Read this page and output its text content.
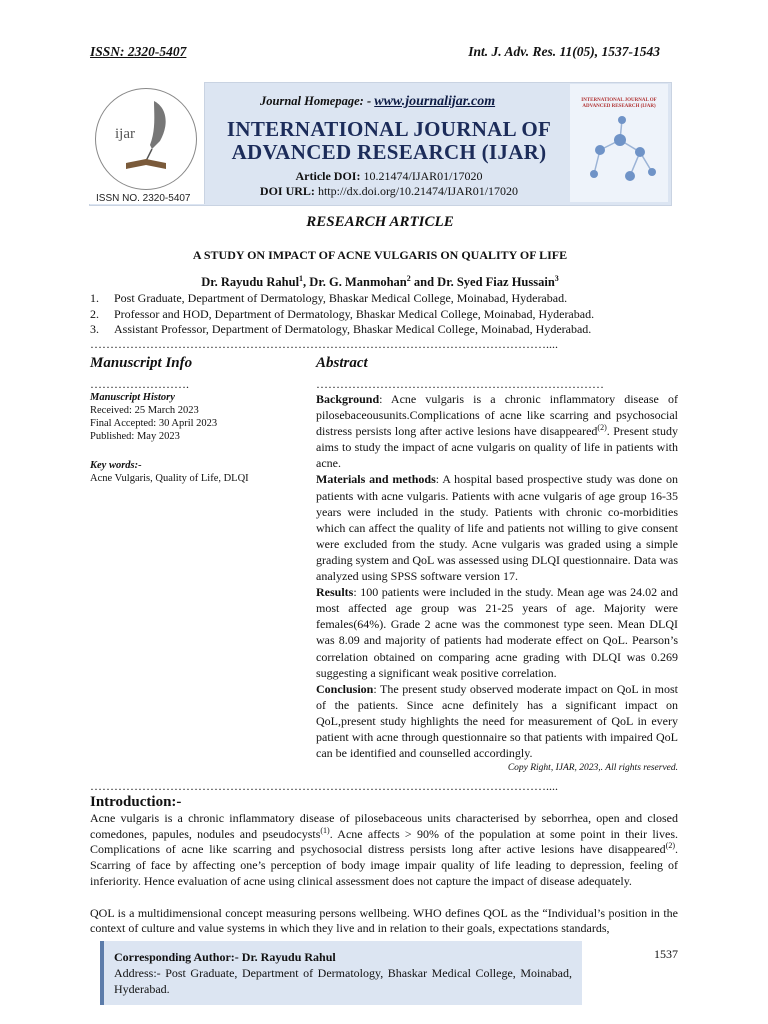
ISSN: 2320-5407	Int. J. Adv. Res. 11(05), 1537-1543
ijar
ISSN NO. 2320-5407
Journal Homepage: - www.journalijar.com
INTERNATIONAL JOURNAL OF
ADVANCED RESEARCH (IJAR)
Article DOI: 10.21474/IJAR01/17020
DOI URL: http://dx.doi.org/10.21474/IJAR01/17020
INTERNATIONAL JOURNAL OF
ADVANCED RESEARCH (IJAR)
RESEARCH ARTICLE
A STUDY ON IMPACT OF ACNE VULGARIS ON QUALITY OF LIFE
Dr. Rayudu Rahul$^1$, Dr. G. Manmohan$^2$ and Dr. Syed Fiaz Hussain$^3$
1.	Post Graduate, Department of Dermatology, Bhaskar Medical College, Moinabad, Hyderabad.
2.	Professor and HOD, Department of Dermatology, Bhaskar Medical College, Moinabad, Hyderabad.
3.	Assistant Professor, Department of Dermatology, Bhaskar Medical College, Moinabad, Hyderabad.
……………………………………………………………………………………………………....
Manuscript Info	Abstract
…………………….	………………………………………………………………
Manuscript History
Received: 25 March 2023
Final Accepted: 30 April 2023
Published: May 2023
Key words:-
Acne Vulgaris, Quality of Life, DLQI

Background: Acne vulgaris is a chronic inflammatory disease of pilosebaceousunits.Complications of acne like scarring and psychosocial distress persists long after active lesions have disappeared$^{(2)}$. Present study aims to study the impact of acne vulgaris on quality of life in patients with acne.

Materials and methods: A hospital based prospective study was done on patients with acne vulgaris. Patients with acne vulgaris of age group 16-35 years were included in the study. Patients with chronic co-morbidities which can affect the quality of life and patients not willing to give consent were excluded from the study. Acne vulgaris was graded using a simple grading system and QoL was assessed using DLQI questionnaire. Data was analyzed using SPSS software version 17.

Results: 100 patients were included in the study. Mean age was 24.02 and most affected age group was 21-25 years of age. Majority were females(64%). Grade 2 acne was the commonest type seen. Mean DLQI was 8.09 and majority of patients had moderate effect on QoL. Pearson’s correlation obtained on comparing acne grading with DLQI was 0.269 suggesting a significant weak positive correlation.

Conclusion: The present study observed moderate impact on QoL in most of the patients. Since acne definitely has a significant impact on QoL,present study highlights the need for measurement of QoL in every patient with acne through questionnaire so that patients with impaired QoL can be identified and counselled accordingly.

Copy Right, IJAR, 2023,. All rights reserved.
……………………………………………………………………………………………………....
Introduction:-

Acne vulgaris is a chronic inflammatory disease of pilosebaceous units characterised by seborrhea, open and closed comedones, papules, nodules and pseudocysts$^{(1)}$. Acne affects > 90% of the population at some point in their lives. Complications of acne like scarring and psychosocial distress persists long after active lesions have disappeared$^{(2)}$. Scarring of face by affecting one’s perception of body image impair quality of life leading to depression, feeling of inferiority. Hence evaluation of acne using clinical assessment does not capture the impact of disease adequately.

QOL is a multidimensional concept measuring persons wellbeing. WHO defines QOL as the “Individual’s position in the context of culture and value systems in which they live and in relation to their goals, expectations standards,

Corresponding Author:- Dr. Rayudu Rahul
Address:- Post Graduate, Department of Dermatology, Bhaskar Medical College, Moinabad, Hyderabad.
1537
